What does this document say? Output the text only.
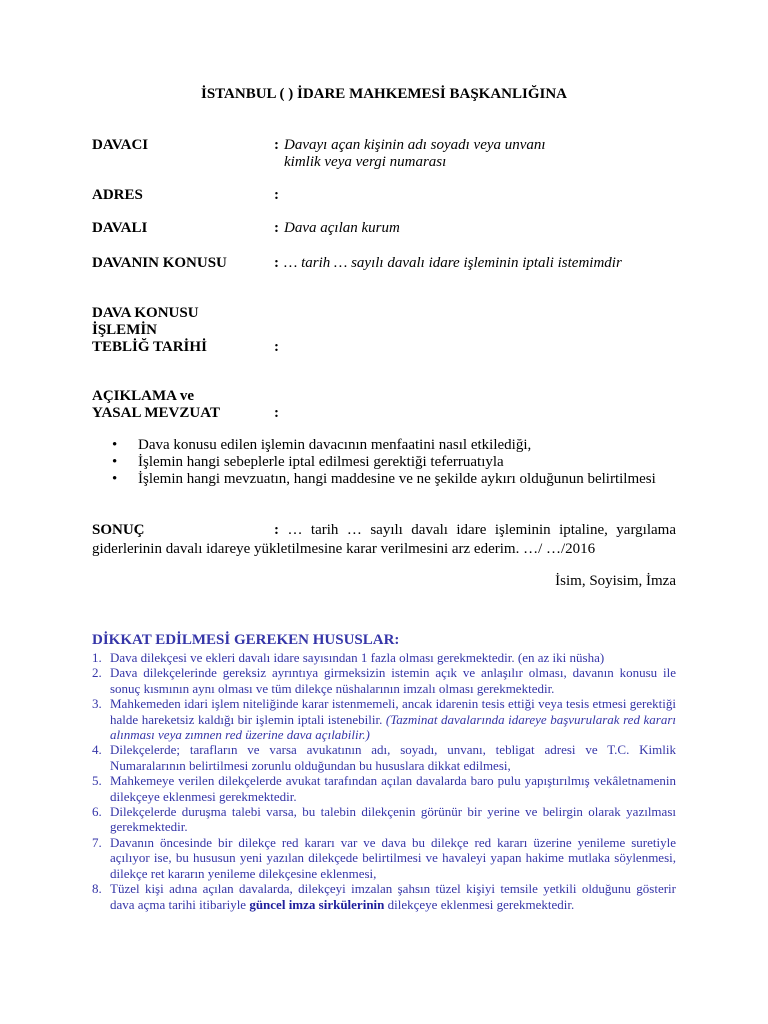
İSTANBUL ( ) İDARE MAHKEMESİ BAŞKANLIĞINA
DAVACI	: Davayı açan kişinin adı soyadı veya unvanı
kimlik veya vergi numarası
ADRES	:
DAVALI	: Dava açılan kurum
DAVANIN KONUSU	: … tarih … sayılı davalı idare işleminin iptali istemimdir
DAVA KONUSU
İŞLEMİN
TEBLİĞ TARİHİ	:
AÇIKLAMA ve
YASAL MEVZUAT	:
• Dava konusu edilen işlemin davacının menfaatini nasıl etkilediği,
• İşlemin hangi sebeplerle iptal edilmesi gerektiği teferruatıyla
• İşlemin hangi mevzuatın, hangi maddesine ve ne şekilde aykırı olduğunun belirtilmesi
SONUÇ	: … tarih … sayılı davalı idare işleminin iptaline, yargılama giderlerinin davalı idareye yükletilmesine karar verilmesini arz ederim. …/ …/2016
İsim, Soyisim, İmza
DİKKAT EDİLMESİ GEREKEN HUSUSLAR:
1. Dava dilekçesi ve ekleri davalı idare sayısından 1 fazla olması gerekmektedir. (en az iki nüsha)
2. Dava dilekçelerinde gereksiz ayrıntıya girmeksizin istemin açık ve anlaşılır olması, davanın konusu ile sonuç kısmının aynı olması ve tüm dilekçe nüshalarının imzalı olması gerekmektedir.
3. Mahkemeden idari işlem niteliğinde karar istenmemeli, ancak idarenin tesis ettiği veya tesis etmesi gerektiği halde hareketsiz kaldığı bir işlemin iptali istenebilir. (Tazminat davalarında idareye başvurularak red kararı alınması veya zımnen red üzerine dava açılabilir.)
4. Dilekçelerde; tarafların ve varsa avukatının adı, soyadı, unvanı, tebligat adresi ve T.C. Kimlik Numaralarının belirtilmesi zorunlu olduğundan bu hususlara dikkat edilmesi,
5. Mahkemeye verilen dilekçelerde avukat tarafından açılan davalarda baro pulu yapıştırılmış vekâletnamenin dilekçeye eklenmesi gerekmektedir.
6. Dilekçelerde duruşma talebi varsa, bu talebin dilekçenin görünür bir yerine ve belirgin olarak yazılması gerekmektedir.
7. Davanın öncesinde bir dilekçe red kararı var ve dava bu dilekçe red kararı üzerine yenileme suretiyle açılıyor ise, bu hususun yeni yazılan dilekçede belirtilmesi ve havaleyi yapan hakime mutlaka söylenmesi, dilekçe ret kararın yenileme dilekçesine eklenmesi,
8. Tüzel kişi adına açılan davalarda, dilekçeyi imzalan şahsın tüzel kişiyi temsile yetkili olduğunu gösterir dava açma tarihi itibariyle güncel imza sirkülerinin dilekçeye eklenmesi gerekmektedir.
